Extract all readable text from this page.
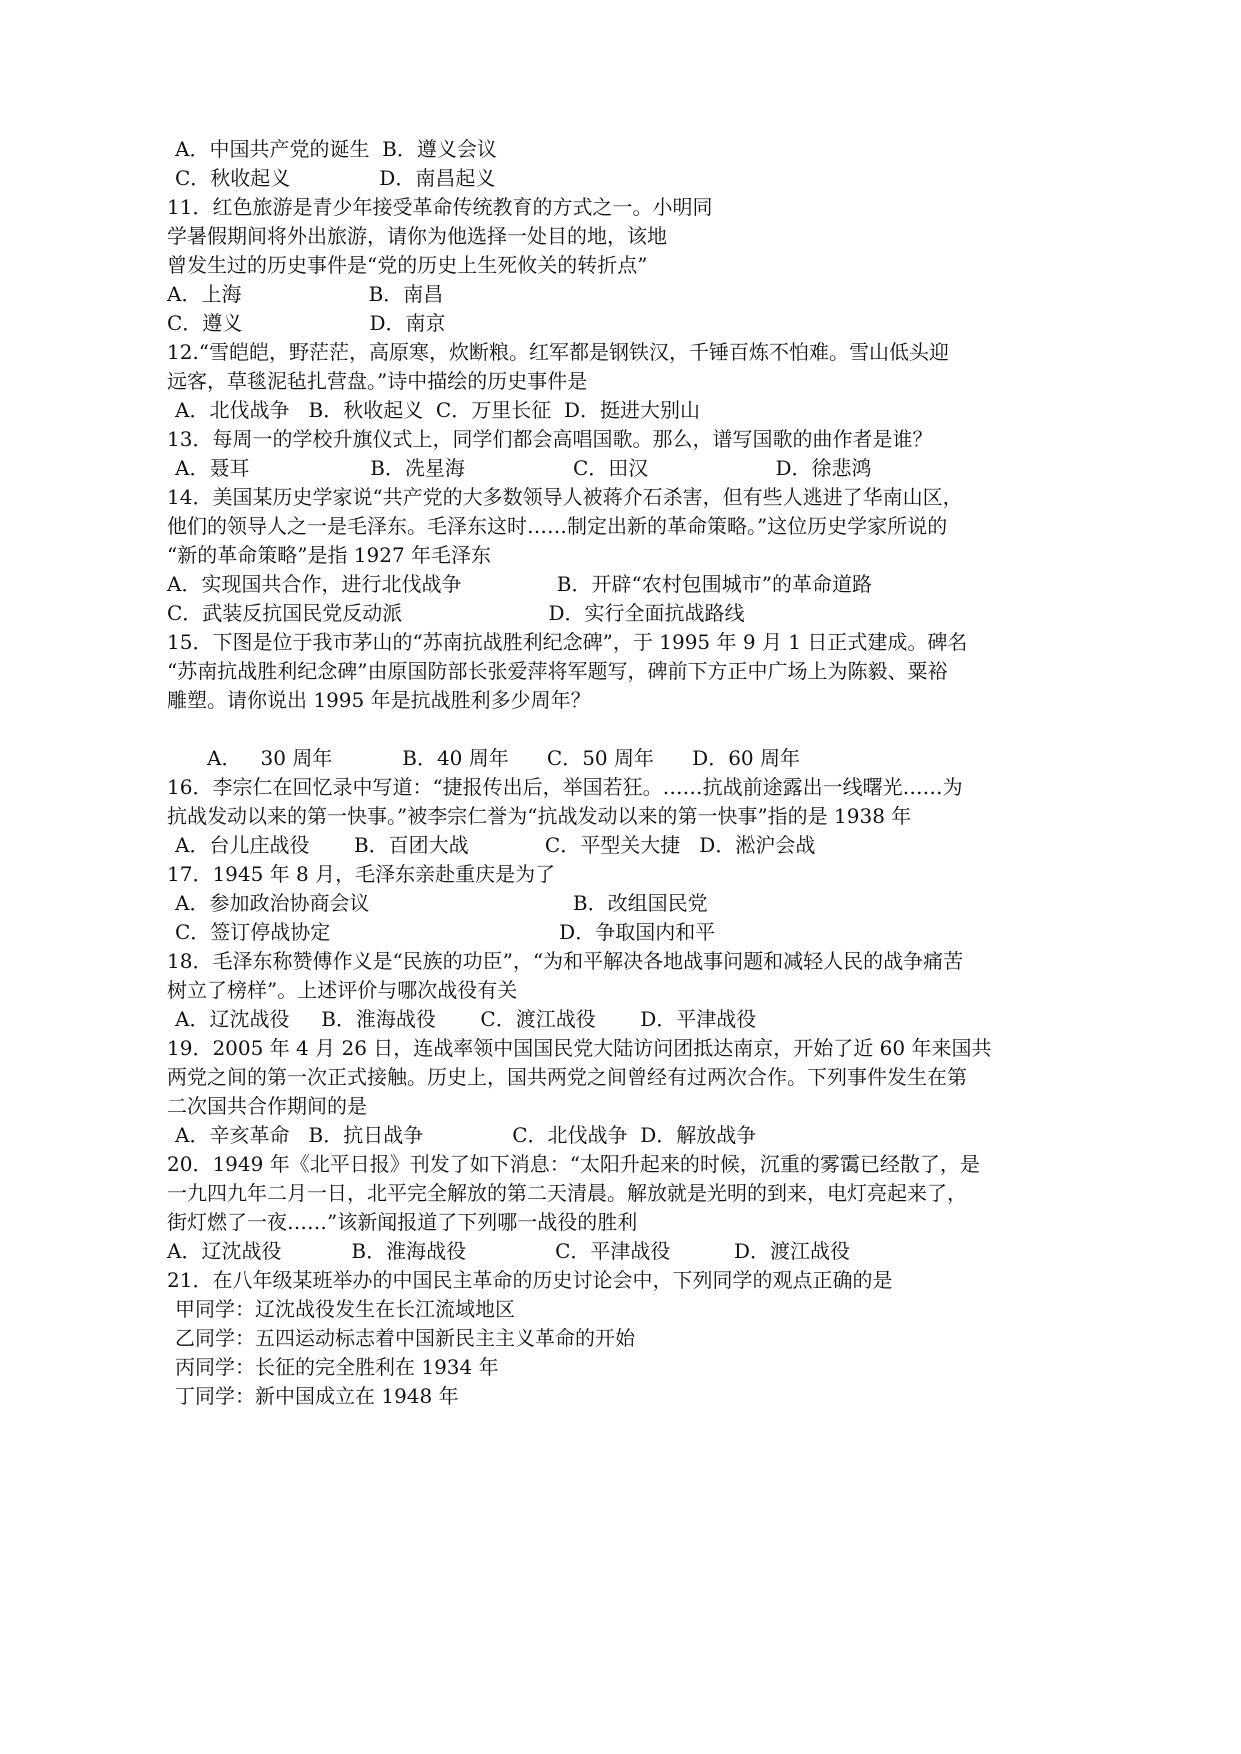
A．中国共产党的诞生  B．遵义会议
C．秋收起义              D．南昌起义
11．红色旅游是青少年接受革命传统教育的方式之一。小明同
学暑假期间将外出旅游，请你为他选择一处目的地，该地
曾发生过的历史事件是“党的历史上生死攸关的转折点”
A．上海                    B．南昌
C．遵义                    D．南京
12.“雪皑皑，野茫茫，高原寒，炊断粮。红军都是钢铁汉，千锤百炼不怕难。雪山低头迎
远客，草毯泥毡扎营盘。”诗中描绘的历史事件是
A．北伐战争   B．秋收起义  C．万里长征  D．挺进大别山
13．每周一的学校升旗仪式上，同学们都会高唱国歌。那么，谱写国歌的曲作者是谁？
A．聂耳                   B．冼星海                 C．田汉                    D．徐悲鸿
14．美国某历史学家说“共产党的大多数领导人被蒋介石杀害，但有些人逃进了华南山区，
他们的领导人之一是毛泽东。毛泽东这时……制定出新的革命策略。”这位历史学家所说的
“新的革命策略”是指 1927 年毛泽东
A．实现国共合作，进行北伐战争               B．开辟“农村包围城市”的革命道路
C．武装反抗国民党反动派                       D．实行全面抗战路线
15．下图是位于我市茅山的“苏南抗战胜利纪念碑”，于 1995 年 9 月 1 日正式建成。碑名
“苏南抗战胜利纪念碑”由原国防部长张爱萍将军题写，碑前下方正中广场上为陈毅、粟裕
雕塑。请你说出 1995 年是抗战胜利多少周年？
A．   30 周年           B．40 周年      C．50 周年      D．60 周年
16．李宗仁在回忆录中写道：“捷报传出后，举国若狂。……抗战前途露出一线曙光……为
抗战发动以来的第一快事。”被李宗仁誉为“抗战发动以来的第一快事”指的是 1938 年
A．台儿庄战役       B．百团大战            C．平型关大捷   D．淞沪会战
17．1945 年 8 月，毛泽东亲赴重庆是为了
A．参加政治协商会议                                B．改组国民党
C．签订停战协定                                    D．争取国内和平
18．毛泽东称赞傅作义是“民族的功臣”，“为和平解决各地战事问题和减轻人民的战争痛苦
树立了榜样”。上述评价与哪次战役有关
A．辽沈战役     B．淮海战役       C．渡江战役       D．平津战役
19．2005 年 4 月 26 日，连战率领中国国民党大陆访问团抵达南京，开始了近 60 年来国共
两党之间的第一次正式接触。历史上，国共两党之间曾经有过两次合作。下列事件发生在第
二次国共合作期间的是
A．辛亥革命   B．抗日战争              C．北伐战争  D．解放战争
20．1949 年《北平日报》刊发了如下消息：“太阳升起来的时候，沉重的雾霭已经散了，是
一九四九年二月一日，北平完全解放的第二天清晨。解放就是光明的到来，电灯亮起来了，
街灯燃了一夜……”该新闻报道了下列哪一战役的胜利
A．辽沈战役           B．淮海战役              C．平津战役          D．渡江战役
21．在八年级某班举办的中国民主革命的历史讨论会中，下列同学的观点正确的是
甲同学：辽沈战役发生在长江流域地区
乙同学：五四运动标志着中国新民主主义革命的开始
丙同学：长征的完全胜利在 1934 年
丁同学：新中国成立在 1948 年
